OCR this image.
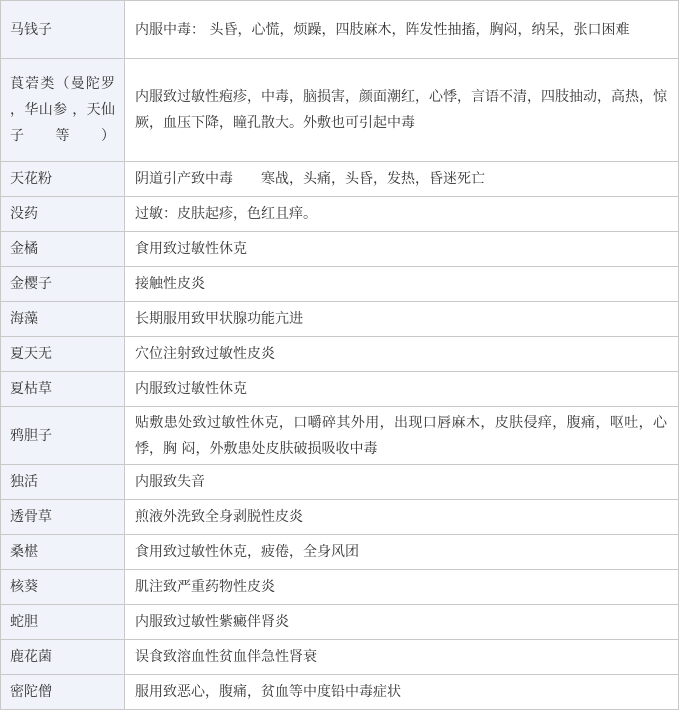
马钱子	内服中毒： 头昏，心慌，烦躁，四肢麻木，阵发性抽搐，胸闷，纳呆，张口困难

莨菪类（曼陀罗 ，华山参 ，天仙子等）	内服致过敏性疱疹，中毒，脑损害，颜面潮红，心悸，言语不清，四肢抽动，高热，惊厥，血压下降，瞳孔散大。外敷也可引起中毒
天花粉	阴道引产致中毒　　寒战，头痛，头昏，发热，昏迷死亡
没药	过敏：皮肤起疹，色红且痒。
金橘	食用致过敏性休克
金樱子	接触性皮炎
海藻	长期服用致甲状腺功能亢进
夏天无	穴位注射致过敏性皮炎
夏枯草	内服致过敏性休克
鸦胆子	贴敷患处致过敏性休克，口嚼碎其外用，出现口唇麻木，皮肤侵痒，腹痛，呕吐，心悸，胸 闷，外敷患处皮肤破损吸收中毒
独活	内服致失音
透骨草	煎液外洗致全身剥脱性皮炎
桑椹	食用致过敏性休克，疲倦，全身风团
核葵	肌注致严重药物性皮炎
蛇胆	内服致过敏性紫癜伴肾炎
鹿花菌	误食致溶血性贫血伴急性肾衰
密陀僧	服用致恶心，腹痛，贫血等中度铅中毒症状
